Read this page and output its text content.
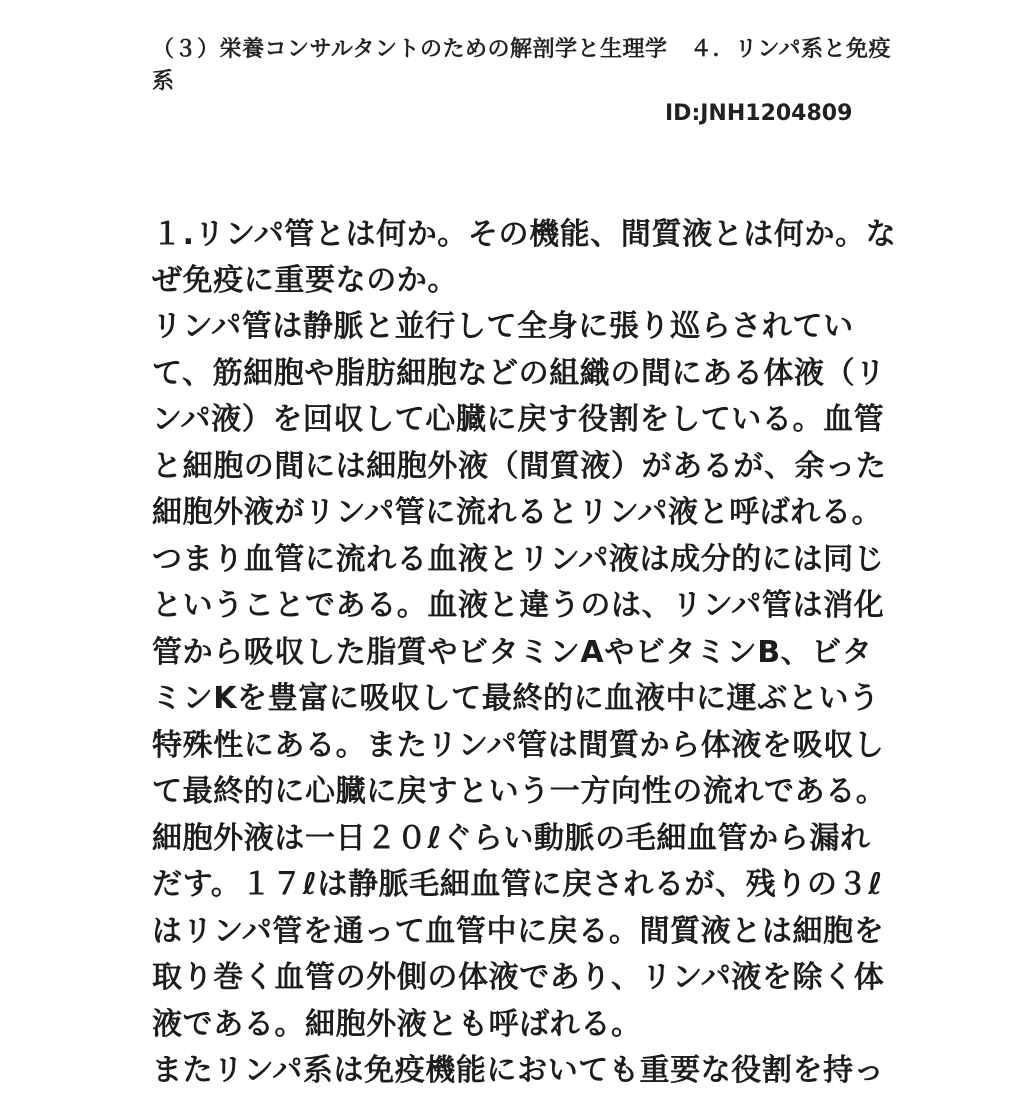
（３）栄養コンサルタントのための解剖学と生理学　４．リンパ系と免疫系
ID:JNH1204809

１.リンパ管とは何か。その機能、間質液とは何か。なぜ免疫に重要なのか。

リンパ管は静脈と並行して全身に張り巡らされていて、筋細胞や脂肪細胞などの組織の間にある体液（リンパ液）を回収して心臓に戻す役割をしている。血管と細胞の間には細胞外液（間質液）があるが、余った細胞外液がリンパ管に流れるとリンパ液と呼ばれる。つまり血管に流れる血液とリンパ液は成分的には同じということである。血液と違うのは、リンパ管は消化管から吸収した脂質やビタミンAやビタミンB、ビタミンKを豊富に吸収して最終的に血液中に運ぶという特殊性にある。またリンパ管は間質から体液を吸収して最終的に心臓に戻すという一方向性の流れである。細胞外液は一日２０ℓぐらい動脈の毛細血管から漏れだす。１７ℓは静脈毛細血管に戻されるが、残りの３ℓはリンパ管を通って血管中に戻る。間質液とは細胞を取り巻く血管の外側の体液であり、リンパ液を除く体液である。細胞外液とも呼ばれる。

またリンパ系は免疫機能においても重要な役割を持っ
